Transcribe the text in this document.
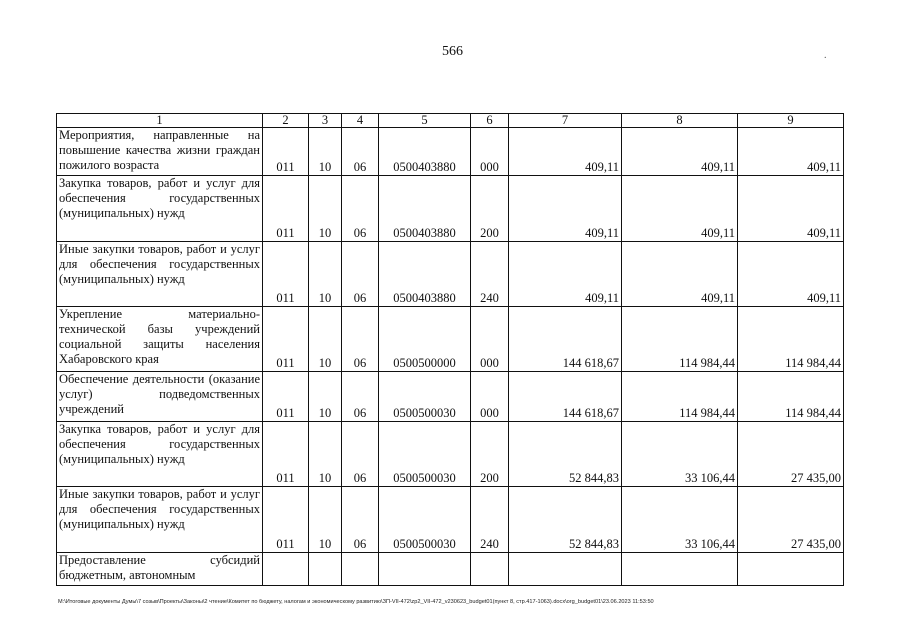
566	.
1	2	3	4	5	6	7	8	9
Мероприятия, направленные на повышение качества жизни граждан пожилого возраста	011	10	06	0500403880	000	409,11	409,11	409,11
Закупка товаров, работ и услуг для обеспечения государственных (муниципальных) нужд	011	10	06	0500403880	200	409,11	409,11	409,11
Иные закупки товаров, работ и услуг для обеспечения государственных (муниципальных) нужд	011	10	06	0500403880	240	409,11	409,11	409,11
Укрепление материально-технической базы учреждений социальной защиты населения Хабаровского края	011	10	06	0500500000	000	144 618,67	114 984,44	114 984,44
Обеспечение деятельности (оказание услуг) подведомственных учреждений	011	10	06	0500500030	000	144 618,67	114 984,44	114 984,44
Закупка товаров, работ и услуг для обеспечения государственных (муниципальных) нужд	011	10	06	0500500030	200	52 844,83	33 106,44	27 435,00
Иные закупки товаров, работ и услуг для обеспечения государственных (муниципальных) нужд	011	10	06	0500500030	240	52 844,83	33 106,44	27 435,00
Предоставление субсидий бюджетным, автономным								
M:\Итоговые документы Думы\7 созыв\Проекты\Законы\2 чтение\Комитет по бюджету, налогам и экономическому развитию\ЗП-VII-472\zp2_VII-472_v230623_budget01(пункт 8, стр.417-1063).docx\org_budget01\23.06.2023 11:53:50
